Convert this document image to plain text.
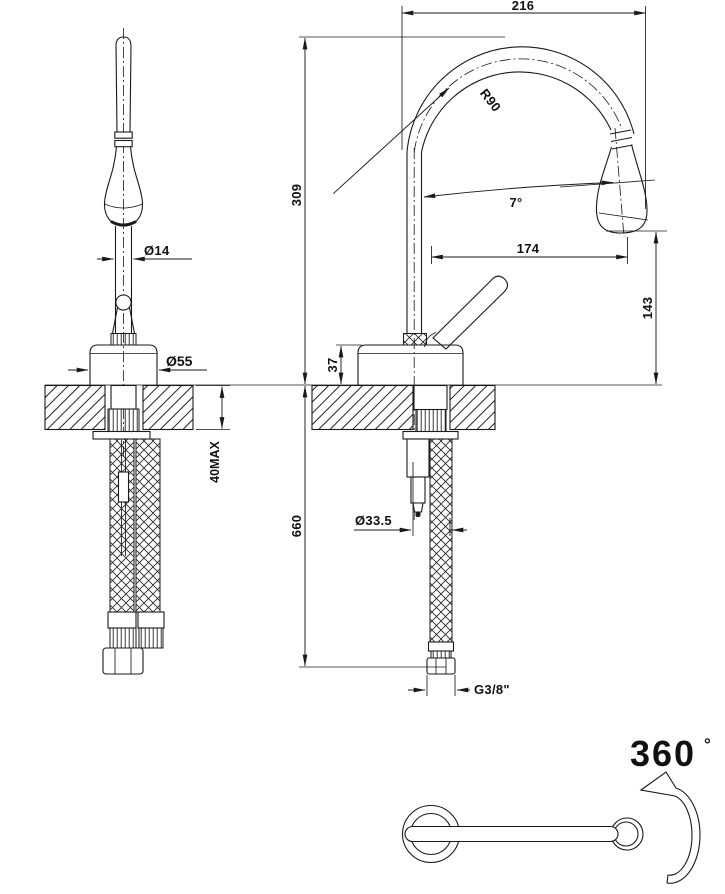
216
R90
309	7°
174
143
37
660
40MAX
Ø14
Ø55
Ø33.5
G3/8"
360 °
